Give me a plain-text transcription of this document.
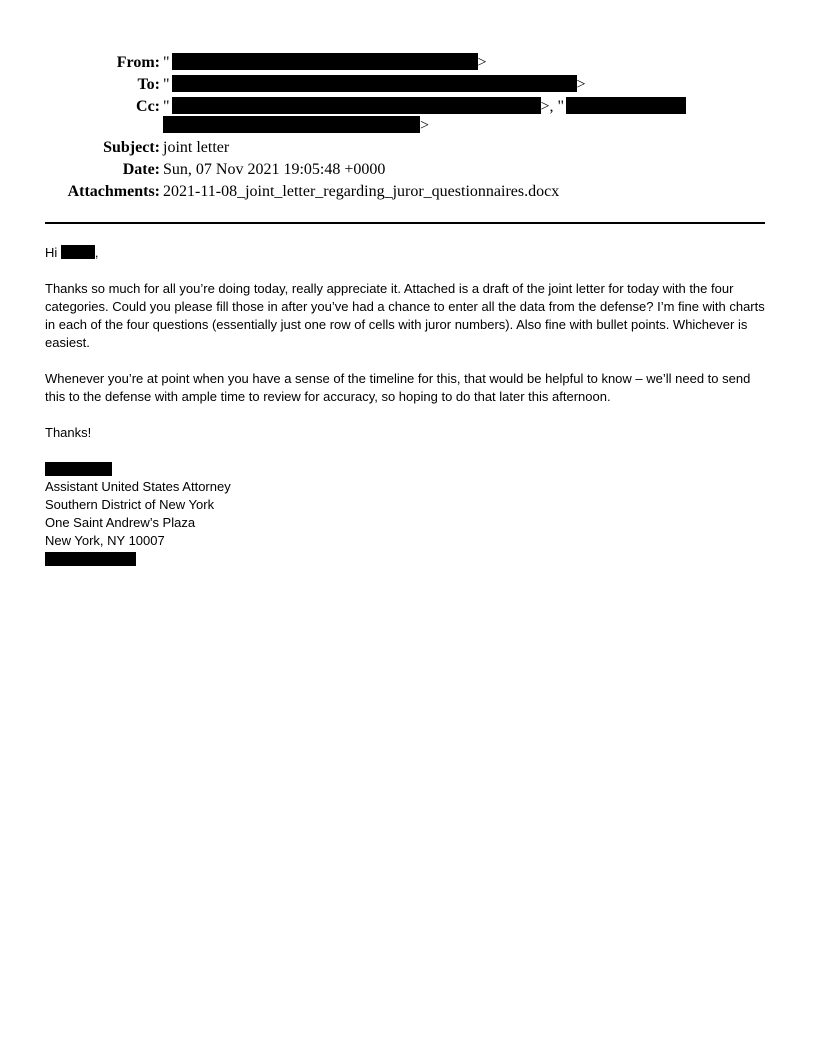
From: "	>
To: "	>
Cc: "	>, "
>
Subject: joint letter
Date: Sun, 07 Nov 2021 19:05:48 +0000
Attachments: 2021-11-08_joint_letter_regarding_juror_questionnaires.docx

Hi	,

Thanks so much for all you’re doing today, really appreciate it. Attached is a draft of the joint letter for today with the four categories. Could you please fill those in after you’ve had a chance to enter all the data from the defense? I’m fine with charts in each of the four questions (essentially just one row of cells with juror numbers). Also fine with bullet points. Whichever is easiest.

Whenever you’re at point when you have a sense of the timeline for this, that would be helpful to know – we’ll need to send this to the defense with ample time to review for accuracy, so hoping to do that later this afternoon.

Thanks!

Assistant United States Attorney

Southern District of New York

One Saint Andrew’s Plaza

New York, NY 10007
